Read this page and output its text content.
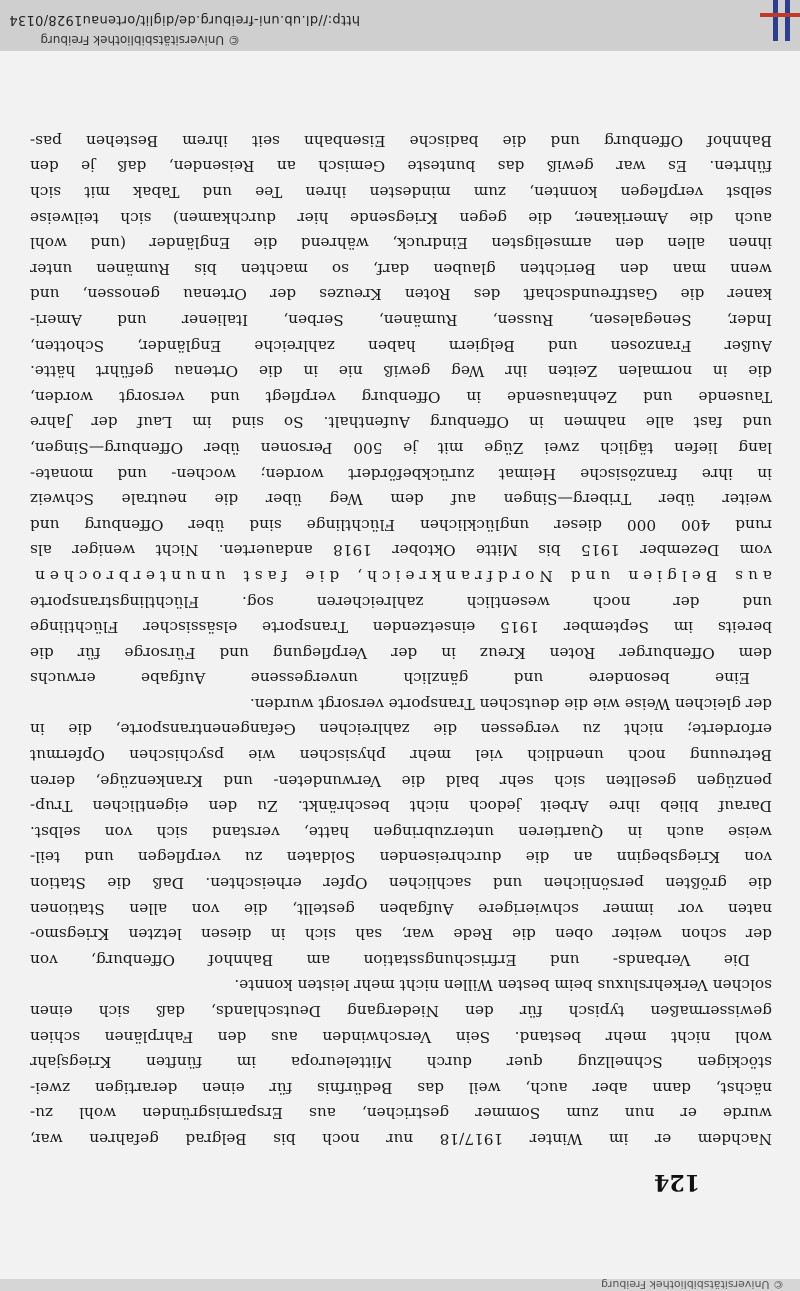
© Universitätsbibliothek Freiburg
124

Nachdem er im Winter 1917/18 nur noch bis Belgrad gefahren war,

wurde er nun zum Sommer gestrichen, aus Ersparnisgründen wohl zu-

nächst, dann aber auch, weil das Bedürfnis für einen derartigen zwei-

stöckigen Schnellzug quer durch Mitteleuropa im fünften Kriegsjahr

wohl nicht mehr bestand. Sein Verschwinden aus den Fahrplänen schien

gewissermaßen typisch für den Niedergang Deutschlands, daß sich einen

solchen Verkehrsluxus beim besten Willen nicht mehr leisten konnte.

Die Verbands- und Erfrischungsstation am Bahnhof Offenburg, von

der schon weiter oben die Rede war, sah sich in diesen letzten Kriegsmo-

naten vor immer schwierigere Aufgaben gestellt, die von allen Stationen

die größten persönlichen und sachlichen Opfer erheischten. Daß die Station

von Kriegsbeginn an die durchreisenden Soldaten zu verpflegen und teil-

weise auch in Quartieren unterzubringen hatte, verstand sich von selbst.

Darauf blieb ihre Arbeit jedoch nicht beschränkt. Zu den eigentlichen Trup-

penzügen gesellten sich sehr bald die Verwundeten- und Krankenzüge, deren

Betreuung noch unendlich viel mehr physischen wie psychischen Opfermut

erforderte; nicht zu vergessen die zahlreichen Gefangenentransporte, die in

der gleichen Weise wie die deutschen Transporte versorgt wurden.

Eine besondere und gänzlich unvergessene Aufgabe erwuchs

dem Offenburger Roten Kreuz in der Verpflegung und Fürsorge für die

bereits im September 1915 einsetzenden Transporte elsässischer Flüchtlinge

und der noch wesentlich zahlreicheren sog. Flüchtlingstransporte

aus Belgien und Nordfrankreich, die fast ununterbrochen

vom Dezember 1915 bis Mitte Oktober 1918 andauerten. Nicht weniger als

rund 400 000 dieser unglücklichen Flüchtlinge sind über Offenburg und

weiter über Triberg—Singen auf dem Weg über die neutrale Schweiz

in ihre französische Heimat zurückbefördert worden; wochen- und monate-

lang liefen täglich zwei Züge mit je 500 Personen über Offenburg—Singen,

und fast alle nahmen in Offenburg Aufenthalt. So sind im Lauf der Jahre

Tausende und Zehntausende in Offenburg verpflegt und versorgt worden,

die in normalen Zeiten ihr Weg gewiß nie in die Ortenau geführt hätte.

Außer Franzosen und Belgiern haben zahlreiche Engländer, Schotten,

Inder, Senegalesen, Russen, Rumänen, Serben, Italiener und Ameri-

kaner die Gastfreundschaft des Roten Kreuzes der Ortenau genossen, und

wenn man den Berichten glauben darf, so machten bis Rumänen unter

ihnen allen den armseligsten Eindruck, während die Engländer (und wohl

auch die Amerikaner, die gegen Kriegsende hier durchkamen) sich teilweise

selbst verpflegen konnten, zum mindesten ihren Tee und Tabak mit sich

führten. Es war gewiß das bunteste Gemisch an Reisenden, daß je den

Bahnhof Offenburg und die badische Eisenbahn seit ihrem Bestehen pas-

© Universitätsbibliothek Freiburg
http://dl.ub.uni-freiburg.de/diglit/ortenau1928/0134
